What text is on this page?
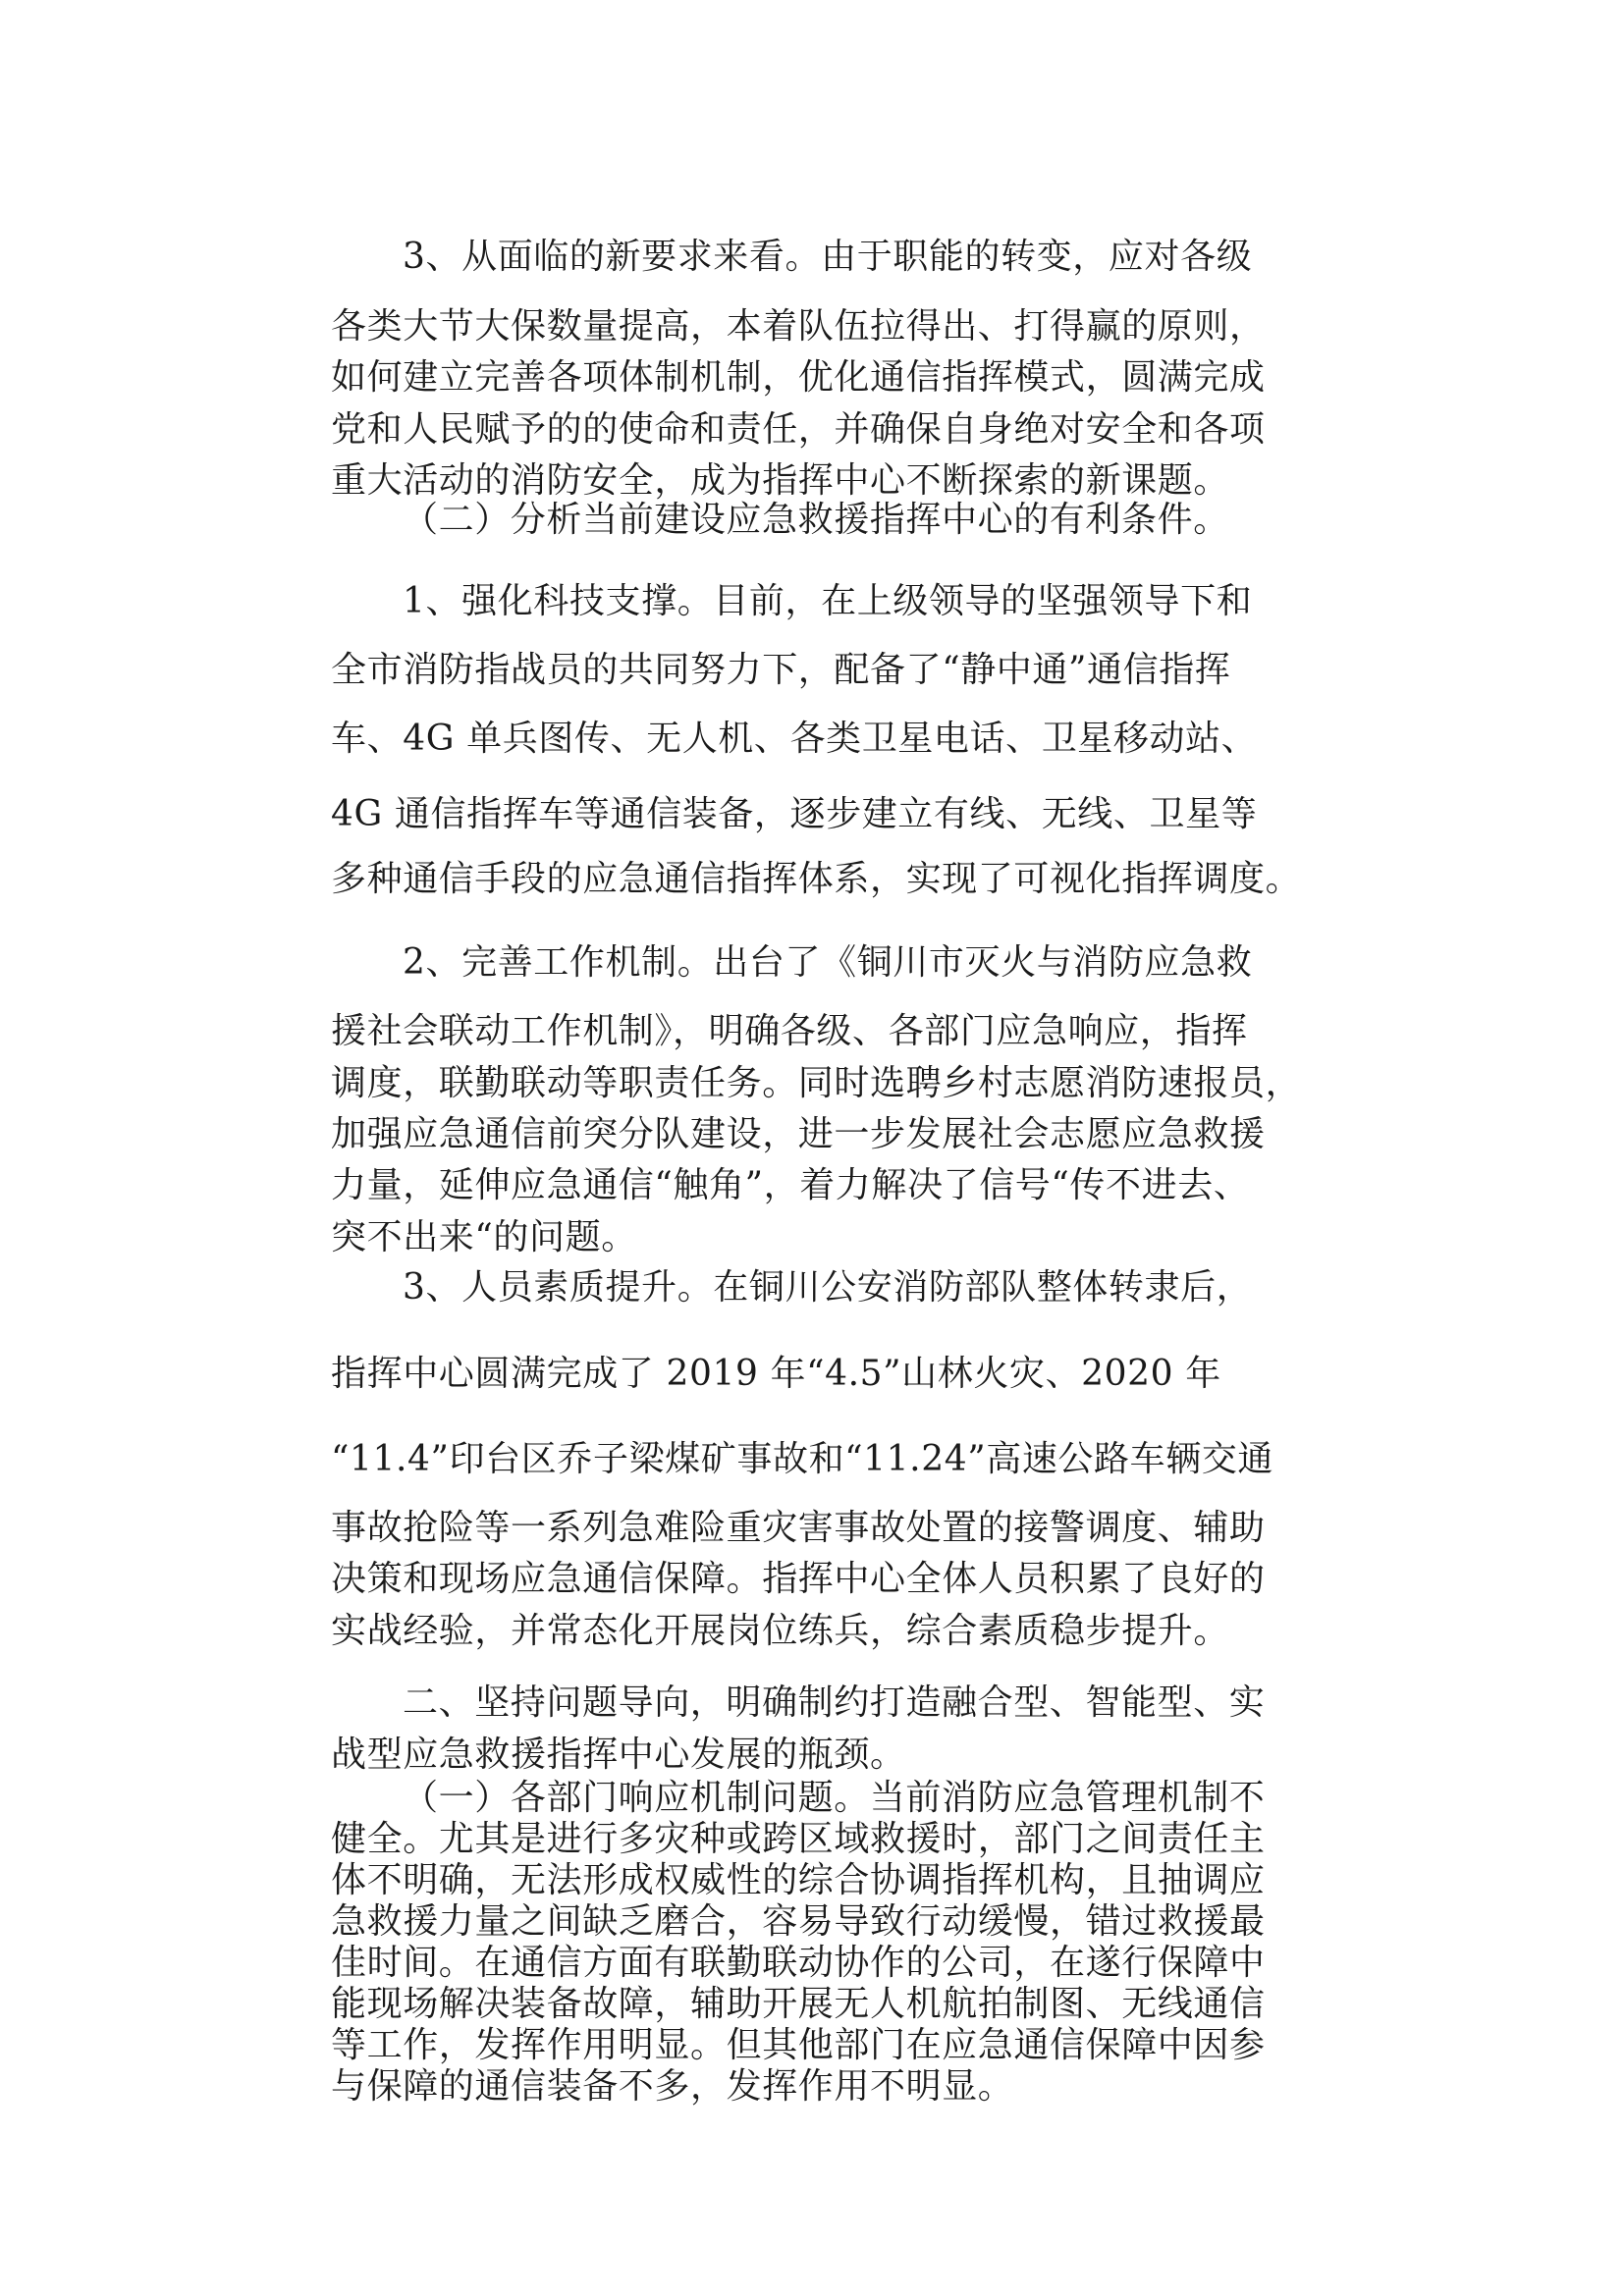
3、从面临的新要求来看。由于职能的转变，应对各级

各类大节大保数量提高，本着队伍拉得出、打得赢的原则，

如何建立完善各项体制机制，优化通信指挥模式，圆满完成

党和人民赋予的的使命和责任，并确保自身绝对安全和各项

重大活动的消防安全，成为指挥中心不断探索的新课题。

（二）分析当前建设应急救援指挥中心的有利条件。

1、强化科技支撑。目前，在上级领导的坚强领导下和

全市消防指战员的共同努力下，配备了“静中通”通信指挥

车、4G 单兵图传、无人机、各类卫星电话、卫星移动站、

4G 通信指挥车等通信装备，逐步建立有线、无线、卫星等

多种通信手段的应急通信指挥体系，实现了可视化指挥调度。

2、完善工作机制。出台了《铜川市灭火与消防应急救

援社会联动工作机制》，明确各级、各部门应急响应，指挥

调度，联勤联动等职责任务。同时选聘乡村志愿消防速报员，

加强应急通信前突分队建设，进一步发展社会志愿应急救援

力量，延伸应急通信“触角”，着力解决了信号“传不进去、

突不出来“的问题。

3、人员素质提升。在铜川公安消防部队整体转隶后，

指挥中心圆满完成了 2019 年“4.5”山林火灾、2020 年

“11.4”印台区乔子梁煤矿事故和“11.24”高速公路车辆交通

事故抢险等一系列急难险重灾害事故处置的接警调度、辅助

决策和现场应急通信保障。指挥中心全体人员积累了良好的

实战经验，并常态化开展岗位练兵，综合素质稳步提升。

二、坚持问题导向，明确制约打造融合型、智能型、实

战型应急救援指挥中心发展的瓶颈。

（一）各部门响应机制问题。当前消防应急管理机制不

健全。尤其是进行多灾种或跨区域救援时，部门之间责任主

体不明确，无法形成权威性的综合协调指挥机构，且抽调应

急救援力量之间缺乏磨合，容易导致行动缓慢，错过救援最

佳时间。在通信方面有联勤联动协作的公司，在遂行保障中

能现场解决装备故障，辅助开展无人机航拍制图、无线通信

等工作，发挥作用明显。但其他部门在应急通信保障中因参

与保障的通信装备不多，发挥作用不明显。
